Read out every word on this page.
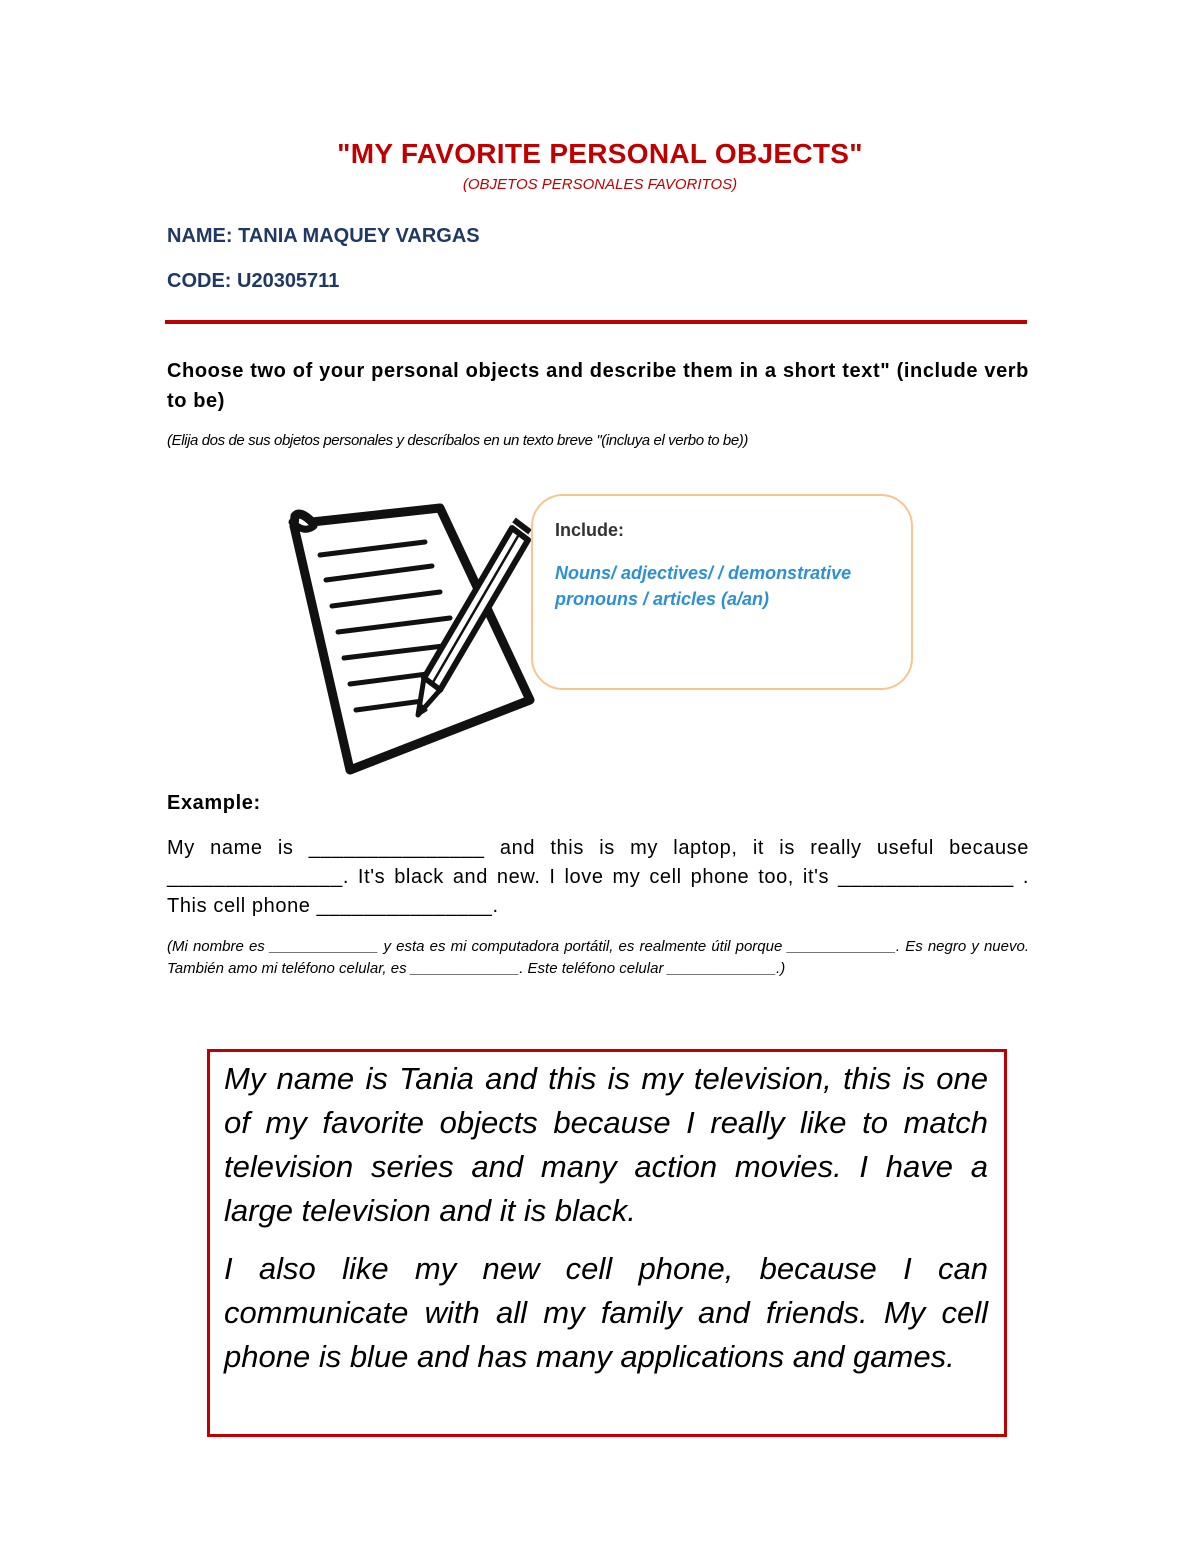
"MY FAVORITE PERSONAL OBJECTS"
(OBJETOS PERSONALES FAVORITOS)
NAME: TANIA MAQUEY VARGAS
CODE: U20305711
Choose two of your personal objects and describe them in a short text" (include verb to be)
(Elija dos de sus objetos personales y descríbalos en un texto breve "(incluya el verbo to be))
Include:
Nouns/ adjectives/ / demonstrative pronouns / articles (a/an)
Example:
My name is _______________ and this is my laptop, it is really useful because _______________. It's black and new. I love my cell phone too, it's _______________ . This cell phone _______________.
(Mi nombre es _____________ y esta es mi computadora portátil, es realmente útil porque _____________. Es negro y nuevo. También amo mi teléfono celular, es _____________. Este teléfono celular _____________.)

My name is Tania and this is my television, this is one of my favorite objects because I really like to match television series and many action movies. I have a large television and it is black.

I also like my new cell phone, because I can communicate with all my family and friends. My cell phone is blue and has many applications and games.
